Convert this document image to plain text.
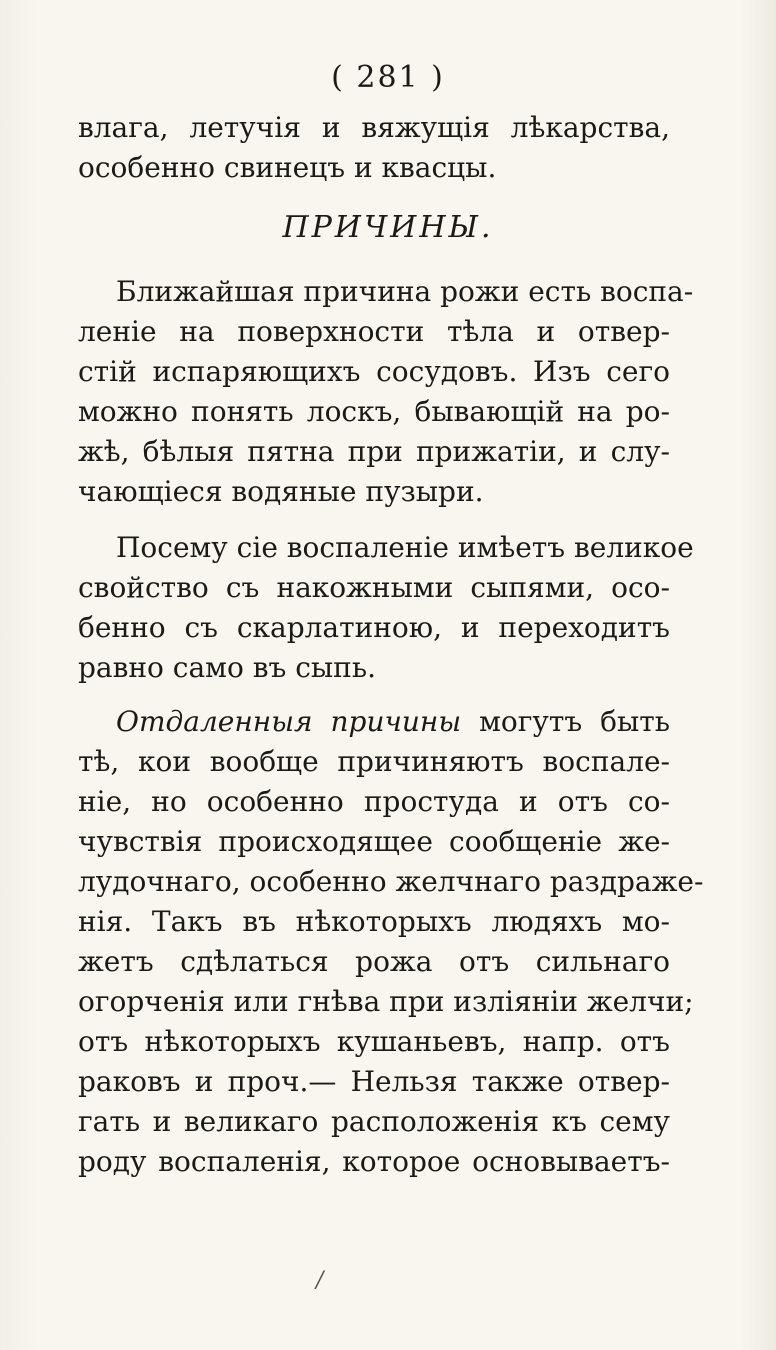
( 281 )
влага, летучія и вяжущія лѣкарства,
особенно свинецъ и квасцы.
ПРИЧИНЫ.
Ближайшая причина рожи есть воспа-
леніе на поверхности тѣла и отвер-
стій испаряющихъ сосудовъ. Изъ сего
можно понять лоскъ, бывающій на ро-
жѣ, бѣлыя пятна при прижатіи, и слу-
чающіеся водяные пузыри.
Посему сіе воспаленіе имѣетъ великое
свойство съ накожными сыпями, осо-
бенно съ скарлатиною, и переходитъ
равно само въ сыпь.
Отдаленныя причины могутъ быть
тѣ, кои вообще причиняютъ воспале-
ніе, но особенно простуда и отъ со-
чувствія происходящее сообщеніе же-
лудочнаго, особенно желчнаго раздраже-
нія. Такъ въ нѣкоторыхъ людяхъ мо-
жетъ сдѣлаться рожа отъ сильнаго
огорченія или гнѣва при изліяніи желчи;
отъ нѣкоторыхъ кушаньевъ, напр. отъ
раковъ и проч.— Нельзя также отвер-
гать и великаго расположенія къ сему
роду воспаленія, которое основываетъ-
/
